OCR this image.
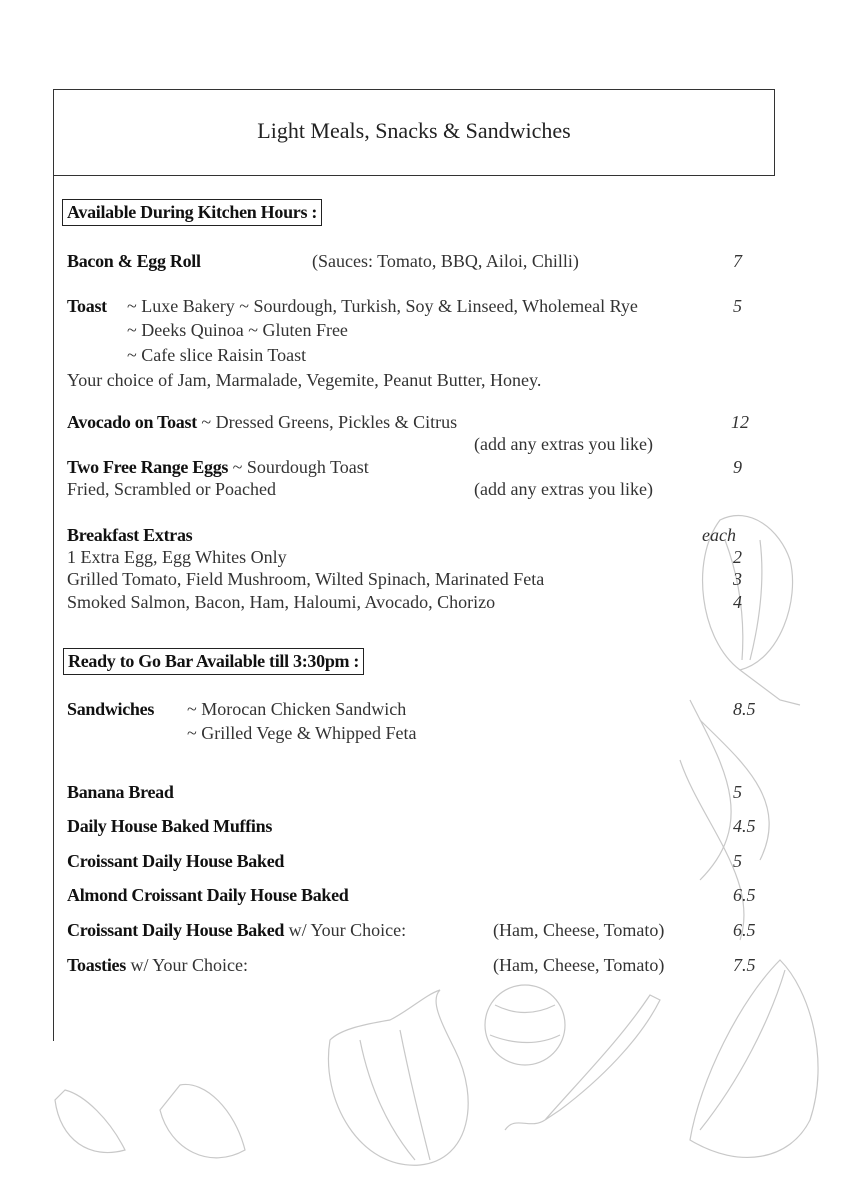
Light Meals, Snacks & Sandwiches
Available During Kitchen Hours :
Bacon & Egg Roll	(Sauces: Tomato, BBQ, Ailoi, Chilli)	7
Toast ~ Luxe Bakery ~ Sourdough, Turkish, Soy & Linseed, Wholemeal Rye	5
~ Deeks Quinoa ~ Gluten Free
~ Cafe slice Raisin Toast
Your choice of Jam, Marmalade, Vegemite, Peanut Butter, Honey.
Avocado on Toast ~ Dressed Greens, Pickles & Citrus	12
(add any extras you like)
Two Free Range Eggs ~ Sourdough Toast	9
Fried, Scrambled or Poached	(add any extras you like)
Breakfast Extras	each
1 Extra Egg, Egg Whites Only	2
Grilled Tomato, Field Mushroom, Wilted Spinach, Marinated Feta	3
Smoked Salmon, Bacon, Ham, Haloumi, Avocado, Chorizo	4
Ready to Go Bar Available till 3:30pm :
Sandwiches ~ Morocan Chicken Sandwich	8.5
~ Grilled Vege & Whipped Feta
Banana Bread	5
Daily House Baked Muffins	4.5
Croissant Daily House Baked	5
Almond Croissant Daily House Baked	6.5
Croissant Daily House Baked w/ Your Choice:	(Ham, Cheese, Tomato)	6.5
Toasties w/ Your Choice:	(Ham, Cheese, Tomato)	7.5
